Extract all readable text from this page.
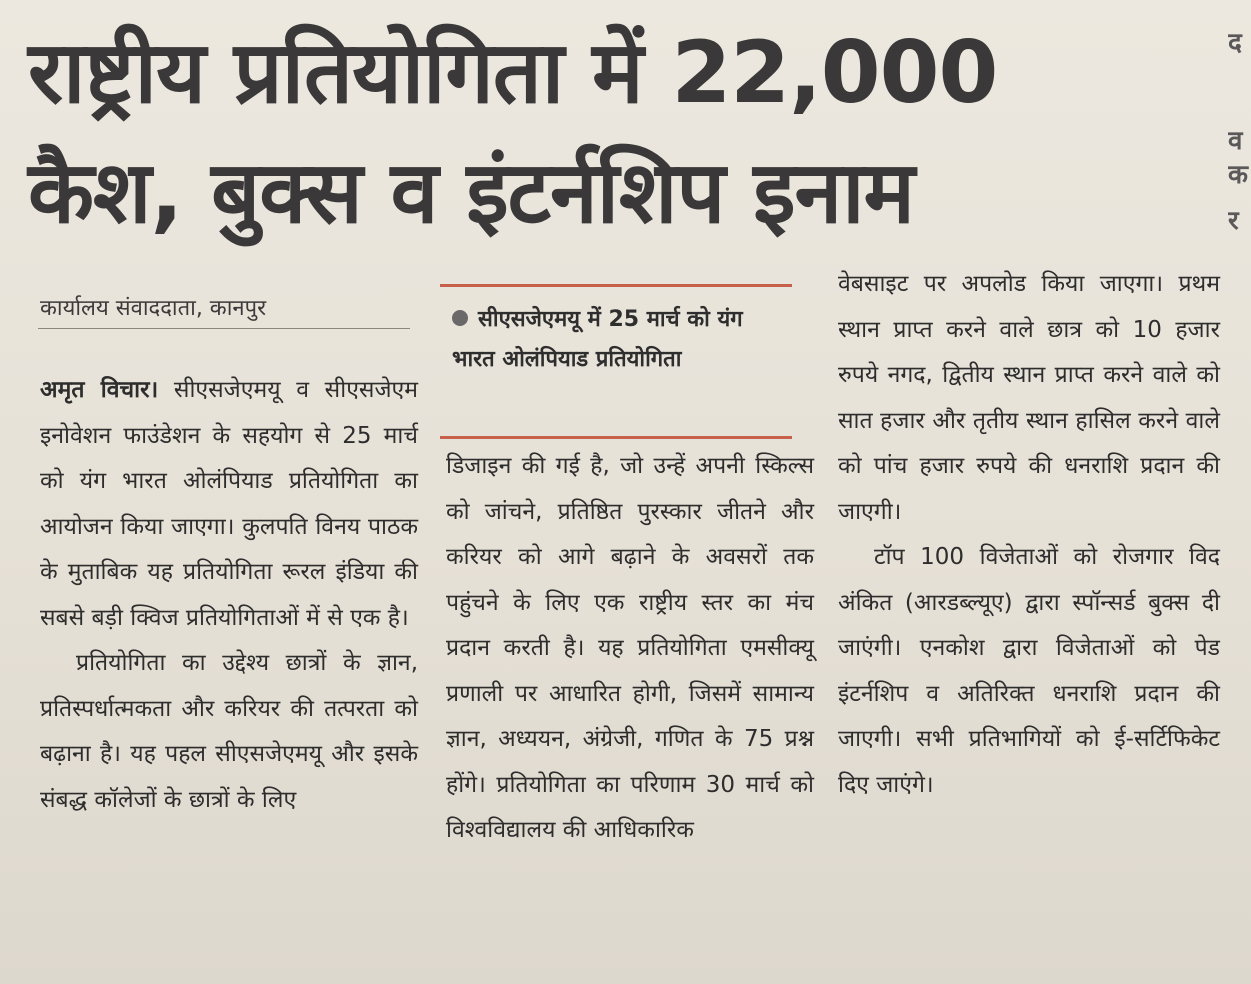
राष्ट्रीय प्रतियोगिता में 22,000
कैश, बुक्स व इंटर्नशिप इनाम
द
व
क
र
कार्यालय संवाददाता, कानपुर	सीएसजेएमयू में 25 मार्च को यंग भारत ओलंपियाड प्रतियोगिता

अमृत विचार। सीएसजेएमयू व सीएसजेएम इनोवेशन फाउंडेशन के सहयोग से 25 मार्च को यंग भारत ओलंपियाड प्रतियोगिता का आयोजन किया जाएगा। कुलपति विनय पाठक के मुताबिक यह प्रतियोगिता रूरल इंडिया की सबसे बड़ी क्विज प्रतियोगिताओं में से एक है।

प्रतियोगिता का उद्देश्य छात्रों के ज्ञान, प्रतिस्पर्धात्मकता और करियर की तत्परता को बढ़ाना है। यह पहल सीएसजेएमयू और इसके संबद्ध कॉलेजों के छात्रों के लिए

डिजाइन की गई है, जो उन्हें अपनी स्किल्स को जांचने, प्रतिष्ठित पुरस्कार जीतने और करियर को आगे बढ़ाने के अवसरों तक पहुंचने के लिए एक राष्ट्रीय स्तर का मंच प्रदान करती है। यह प्रतियोगिता एमसीक्यू प्रणाली पर आधारित होगी, जिसमें सामान्य ज्ञान, अध्ययन, अंग्रेजी, गणित के 75 प्रश्न होंगे। प्रतियोगिता का परिणाम 30 मार्च को विश्वविद्यालय की आधिकारिक

वेबसाइट पर अपलोड किया जाएगा। प्रथम स्थान प्राप्त करने वाले छात्र को 10 हजार रुपये नगद, द्वितीय स्थान प्राप्त करने वाले को सात हजार और तृतीय स्थान हासिल करने वाले को पांच हजार रुपये की धनराशि प्रदान की जाएगी।

टॉप 100 विजेताओं को रोजगार विद अंकित (आरडब्ल्यूए) द्वारा स्पॉन्सर्ड बुक्स दी जाएंगी। एनकोश द्वारा विजेताओं को पेड इंटर्नशिप व अतिरिक्त धनराशि प्रदान की जाएगी। सभी प्रतिभागियों को ई-सर्टिफिकेट दिए जाएंगे।
